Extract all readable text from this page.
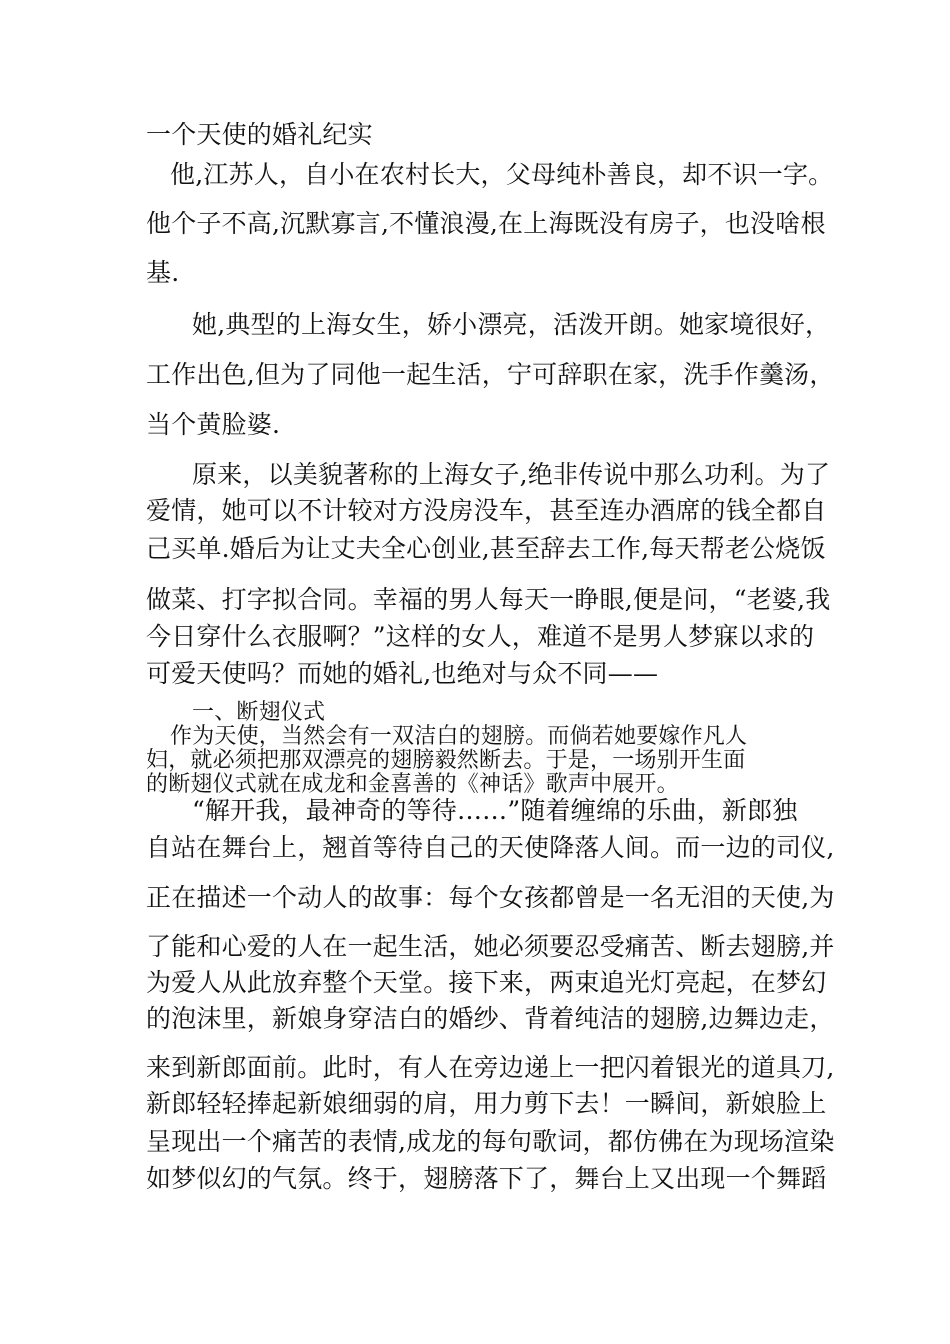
一个天使的婚礼纪实
他,江苏人，自小在农村长大，父母纯朴善良，却不识一字。
他个子不高,沉默寡言,不懂浪漫,在上海既没有房子，也没啥根
基.
她,典型的上海女生，娇小漂亮，活泼开朗。她家境很好，
工作出色,但为了同他一起生活，宁可辞职在家，洗手作羹汤，
当个黄脸婆.
原来，以美貌著称的上海女子,绝非传说中那么功利。为了
爱情，她可以不计较对方没房没车，甚至连办酒席的钱全都自
己买单.婚后为让丈夫全心创业,甚至辞去工作,每天帮老公烧饭
做菜、打字拟合同。幸福的男人每天一睁眼,便是问，“老婆,我
今日穿什么衣服啊？”这样的女人，难道不是男人梦寐以求的
可爱天使吗？而她的婚礼,也绝对与众不同——
一、断翅仪式
作为天使，当然会有一双洁白的翅膀。而倘若她要嫁作凡人
妇，就必须把那双漂亮的翅膀毅然断去。于是，一场别开生面
的断翅仪式就在成龙和金喜善的《神话》歌声中展开。
“解开我，最神奇的等待……”随着缠绵的乐曲，新郎独
自站在舞台上，翘首等待自己的天使降落人间。而一边的司仪,
正在描述一个动人的故事：每个女孩都曾是一名无泪的天使,为
了能和心爱的人在一起生活，她必须要忍受痛苦、断去翅膀,并
为爱人从此放弃整个天堂。接下来，两束追光灯亮起，在梦幻
的泡沫里，新娘身穿洁白的婚纱、背着纯洁的翅膀,边舞边走，
来到新郎面前。此时，有人在旁边递上一把闪着银光的道具刀,
新郎轻轻捧起新娘细弱的肩，用力剪下去！一瞬间，新娘脸上
呈现出一个痛苦的表情,成龙的每句歌词，都仿佛在为现场渲染
如梦似幻的气氛。终于，翅膀落下了，舞台上又出现一个舞蹈
